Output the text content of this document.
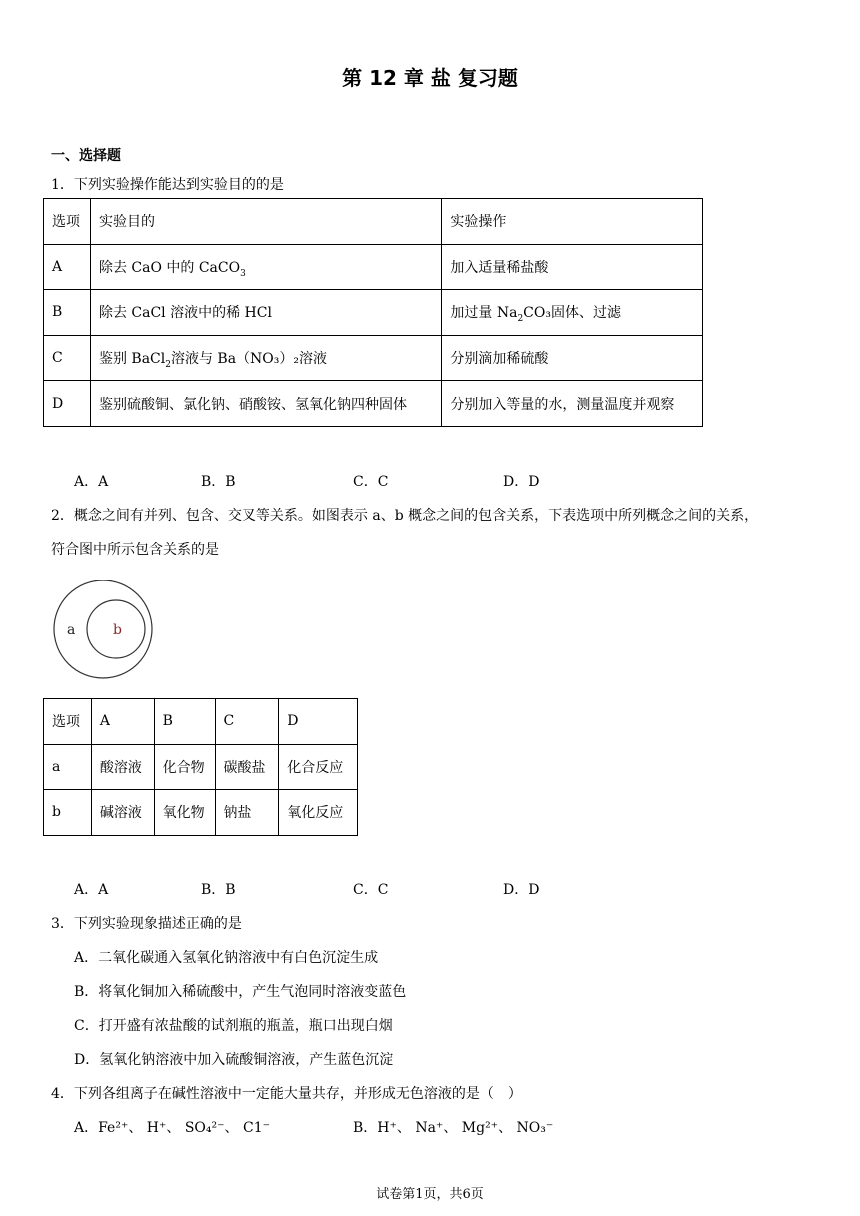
第 12 章 盐 复习题
一、选择题
1．下列实验操作能达到实验目的的是
选项	实验目的	实验操作
A	除去 CaO 中的 CaCO$_3$	加入适量稀盐酸
B	除去 CaCl 溶液中的稀 HCl	加过量 $Na_2CO_3$固体、过滤
C	鉴别 BaCl$_2$溶液与 Ba（NO₃）₂溶液	分别滴加稀硫酸
D	鉴别硫酸铜、氯化钠、硝酸铵、氢氧化钠四种固体	分别加入等量的水，测量温度并观察
A．A	B．B	C．C	D．D
2．概念之间有并列、包含、交叉等关系。如图表示 a、b 概念之间的包含关系，下表选项中所列概念之间的关系，
符合图中所示包含关系的是
a	b
选项	A	B	C	D
a	酸溶液	化合物	碳酸盐	化合反应
b	碱溶液	氧化物	钠盐	氧化反应
A．A	B．B	C．C	D．D
3．下列实验现象描述正确的是
A．二氧化碳通入氢氧化钠溶液中有白色沉淀生成
B．将氧化铜加入稀硫酸中，产生气泡同时溶液变蓝色
C．打开盛有浓盐酸的试剂瓶的瓶盖，瓶口出现白烟
D．氢氧化钠溶液中加入硫酸铜溶液，产生蓝色沉淀
4．下列各组离子在碱性溶液中一定能大量共存，并形成无色溶液的是（　）
A．Fe²⁺、 H⁺、 SO₄²⁻、 C1⁻	B．H⁺、 Na⁺、 Mg²⁺、 NO₃⁻
试卷第1页，共6页
